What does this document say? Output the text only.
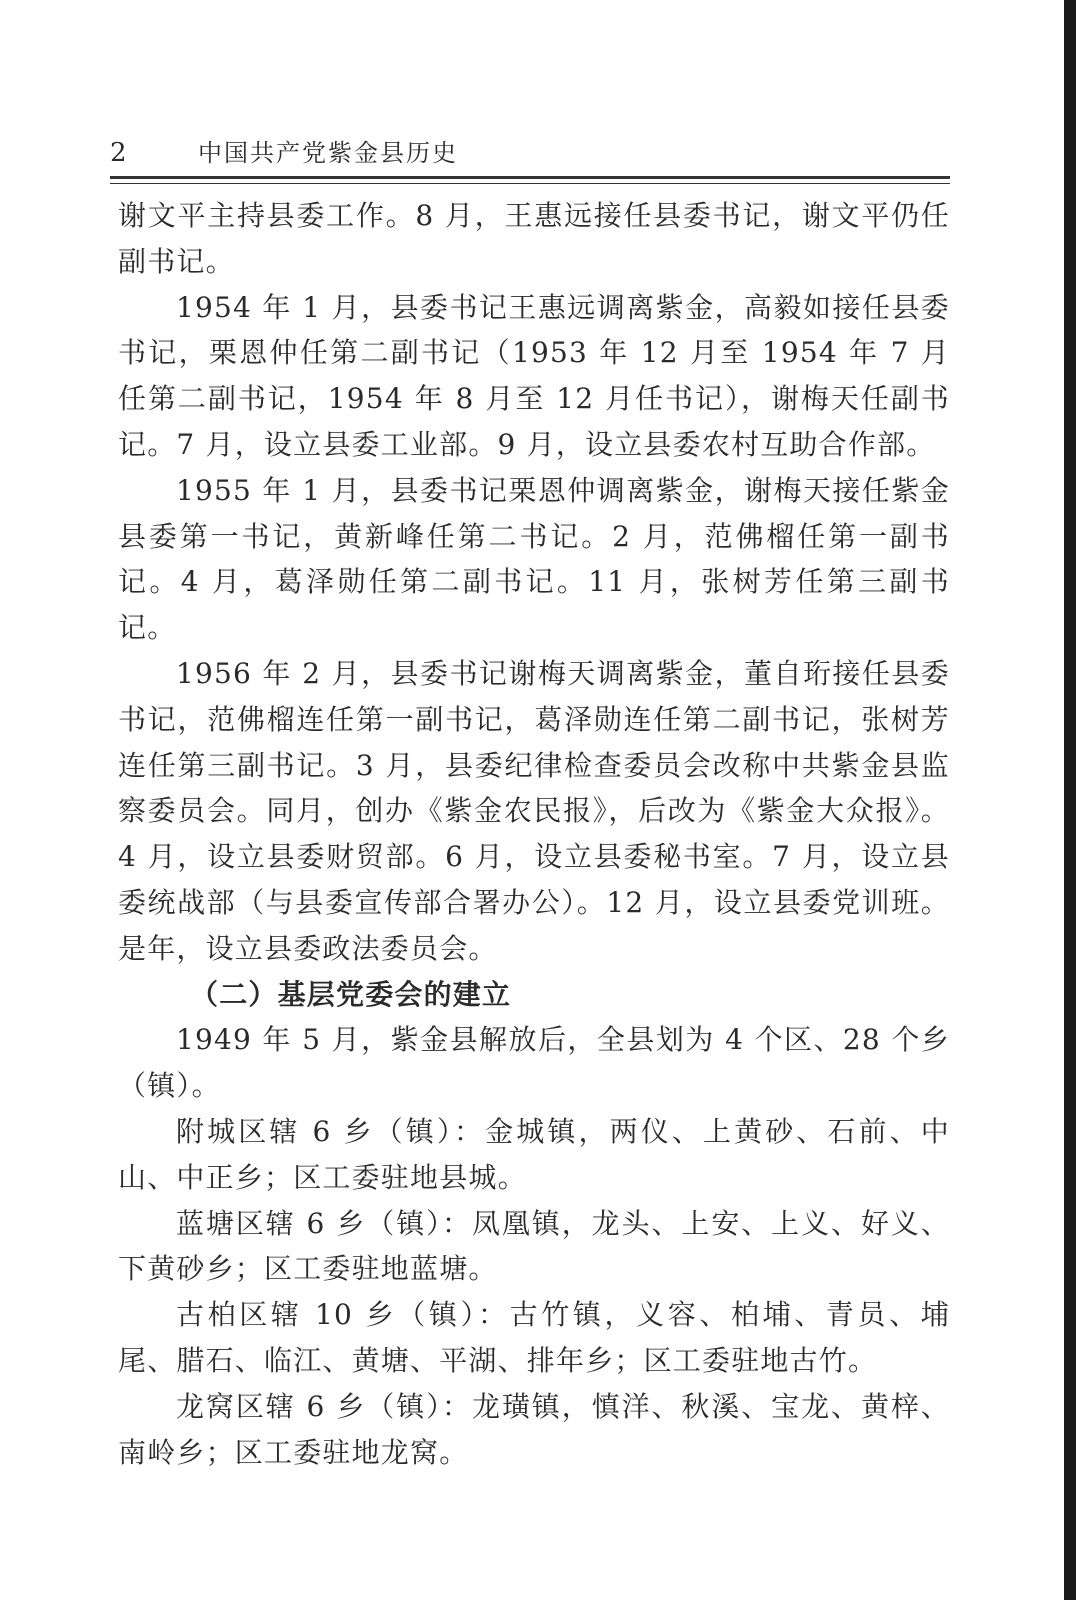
2	中国共产党紫金县历史

谢文平主持县委工作。8 月，王惠远接任县委书记，谢文平仍任副书记。

1954 年 1 月，县委书记王惠远调离紫金，高毅如接任县委书记，栗恩仲任第二副书记（1953 年 12 月至 1954 年 7 月任第二副书记，1954 年 8 月至 12 月任书记），谢梅天任副书记。7 月，设立县委工业部。9 月，设立县委农村互助合作部。

1955 年 1 月，县委书记栗恩仲调离紫金，谢梅天接任紫金县委第一书记，黄新峰任第二书记。2 月，范佛榴任第一副书记。4 月，葛泽勋任第二副书记。11 月，张树芳任第三副书记。

1956 年 2 月，县委书记谢梅天调离紫金，董自珩接任县委书记，范佛榴连任第一副书记，葛泽勋连任第二副书记，张树芳连任第三副书记。3 月，县委纪律检查委员会改称中共紫金县监察委员会。同月，创办《紫金农民报》，后改为《紫金大众报》。4 月，设立县委财贸部。6 月，设立县委秘书室。7 月，设立县委统战部（与县委宣传部合署办公）。12 月，设立县委党训班。是年，设立县委政法委员会。

（二）基层党委会的建立

1949 年 5 月，紫金县解放后，全县划为 4 个区、28 个乡（镇）。

附城区辖 6 乡（镇）：金城镇，两仪、上黄砂、石前、中山、中正乡；区工委驻地县城。

蓝塘区辖 6 乡（镇）：凤凰镇，龙头、上安、上义、好义、下黄砂乡；区工委驻地蓝塘。

古柏区辖 10 乡（镇）：古竹镇，义容、柏埔、青员、埔尾、腊石、临江、黄塘、平湖、排年乡；区工委驻地古竹。

龙窝区辖 6 乡（镇）：龙璜镇，慎洋、秋溪、宝龙、黄梓、南岭乡；区工委驻地龙窝。
